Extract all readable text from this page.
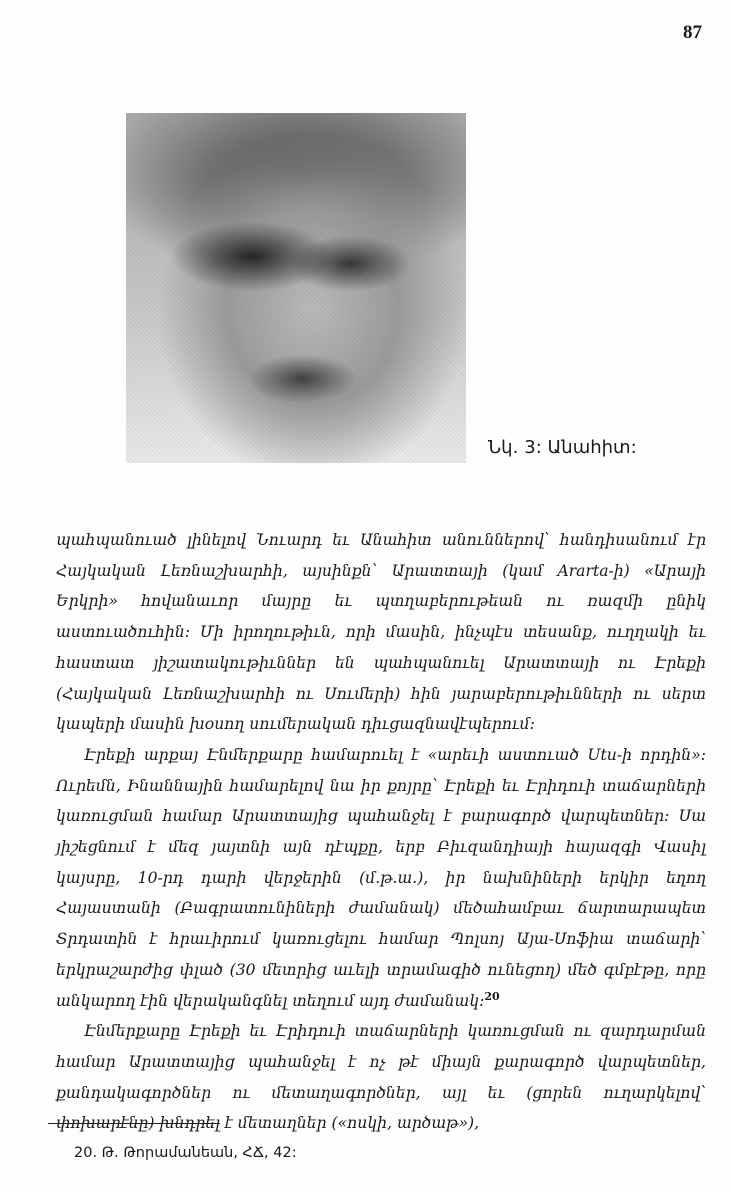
87
Նկ․ 3: Անահիտ:

պահպանուած լինելով Նուարդ եւ Անահիտ անուններով՝ հանդիսանում էր Հայկական Լեռնաշխարհի, այսինքն՝ Արատտայի (կամ Ararta-ի) «Արայի Երկրի» հովանաւոր մայրը եւ պտղաբերութեան ու ռազմի ընիկ աստուածուհին: Մի իրողութիւն, որի մասին, ինչպէս տեսանք, ուղղակի եւ հաստատ յիշատակութիւններ են պահպանուել Արատտայի ու Էրեքի (Հայկական Լեռնաշխարհի ու Սումերի) հին յարաբերութիւնների ու սերտ կապերի մասին խօսող սումերական դիւցազնավէպերում:

Էրեքի արքայ Էնմերքարը համարուել է «արեւի աստուած Utu-ի որդին»: Ուրեմն, Ինաննային համարելով նա իր քոյրը՝ Էրեքի եւ Էրիդուի տաճարների կառուցման համար Արատտայից պահանջել է բարագործ վարպետներ: Սա յիշեցնում է մեզ յայտնի այն դէպքը, երբ Բիւզանդիայի հայազգի Վասիլ կայսրը, 10-րդ դարի վերջերին (մ.թ.ա.), իր նախնիների երկիր եղող Հայաստանի (Բագրատունիների ժամանակ) մեծահամբաւ ճարտարապետ Տրդատին է հրաւիրում կառուցելու համար Պոլսոյ Այա-Սոֆիա տաճարի՝ երկրաշարժից փլած (30 մետրից աւելի տրամագիծ ունեցող) մեծ գմբէթը, որը անկարող էին վերականգնել տեղում այդ ժամանակ:$^{20}$

Էնմերքարը Էրեքի եւ Էրիդուի տաճարների կառուցման ու զարդարման համար Արատտայից պահանջել է ոչ թէ միայն քարագործ վարպետներ, քանդակագործներ ու մետաղագործներ, այլ եւ (ցորեն ուղարկելով՝ փոխարէնը) խնդրել է մետաղներ («ոսկի, արծաթ»),

20. Թ. Թորամանեան, ՀՃ, 42:
